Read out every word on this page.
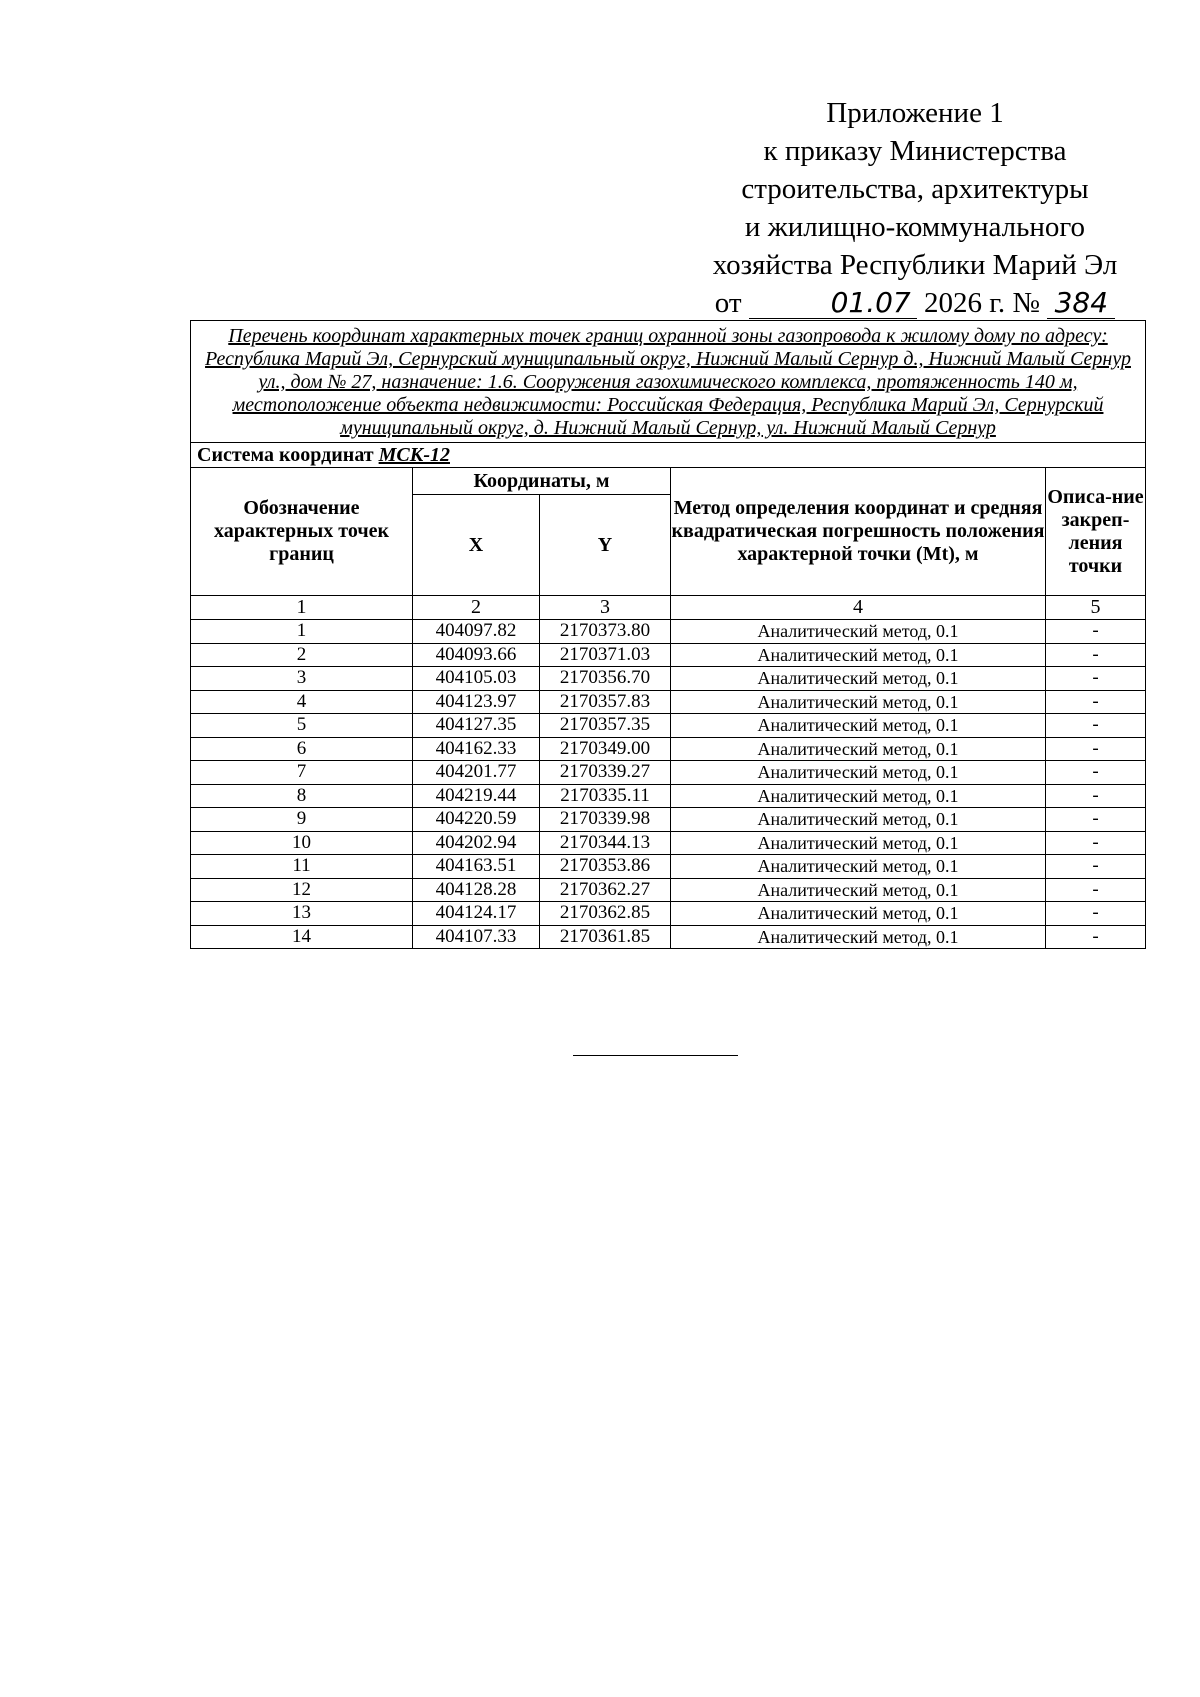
Приложение 1
к приказу Министерства
строительства, архитектуры
и жилищно-коммунального
хозяйства Республики Марий Эл
от	01.07 2026 г. № 384
Перечень координат характерных точек границ охранной зоны газопровода к жилому дому по адресу: Республика Марий Эл, Сернурский муниципальный округ, Нижний Малый Сернур д., Нижний Малый Сернур ул., дом № 27, назначение: 1.6. Сооружения газохимического комплекса, протяженность 140 м, местоположение объекта недвижимости: Российская Федерация, Республика Марий Эл, Сернурский муниципальный округ, д. Нижний Малый Сернур, ул. Нижний Малый Сернур				
Система координат МСК-12				
Обозначение характерных точек границ	Координаты, м		Метод определения координат и средняя квадратическая погрешность положения характерной точки (Mt), м	Описа-ние закреп-ления точки
	X	Y		
1	2	3	4	5
1	404097.82	2170373.80	Аналитический метод, 0.1	-
2	404093.66	2170371.03	Аналитический метод, 0.1	-
3	404105.03	2170356.70	Аналитический метод, 0.1	-
4	404123.97	2170357.83	Аналитический метод, 0.1	-
5	404127.35	2170357.35	Аналитический метод, 0.1	-
6	404162.33	2170349.00	Аналитический метод, 0.1	-
7	404201.77	2170339.27	Аналитический метод, 0.1	-
8	404219.44	2170335.11	Аналитический метод, 0.1	-
9	404220.59	2170339.98	Аналитический метод, 0.1	-
10	404202.94	2170344.13	Аналитический метод, 0.1	-
11	404163.51	2170353.86	Аналитический метод, 0.1	-
12	404128.28	2170362.27	Аналитический метод, 0.1	-
13	404124.17	2170362.85	Аналитический метод, 0.1	-
14	404107.33	2170361.85	Аналитический метод, 0.1	-
